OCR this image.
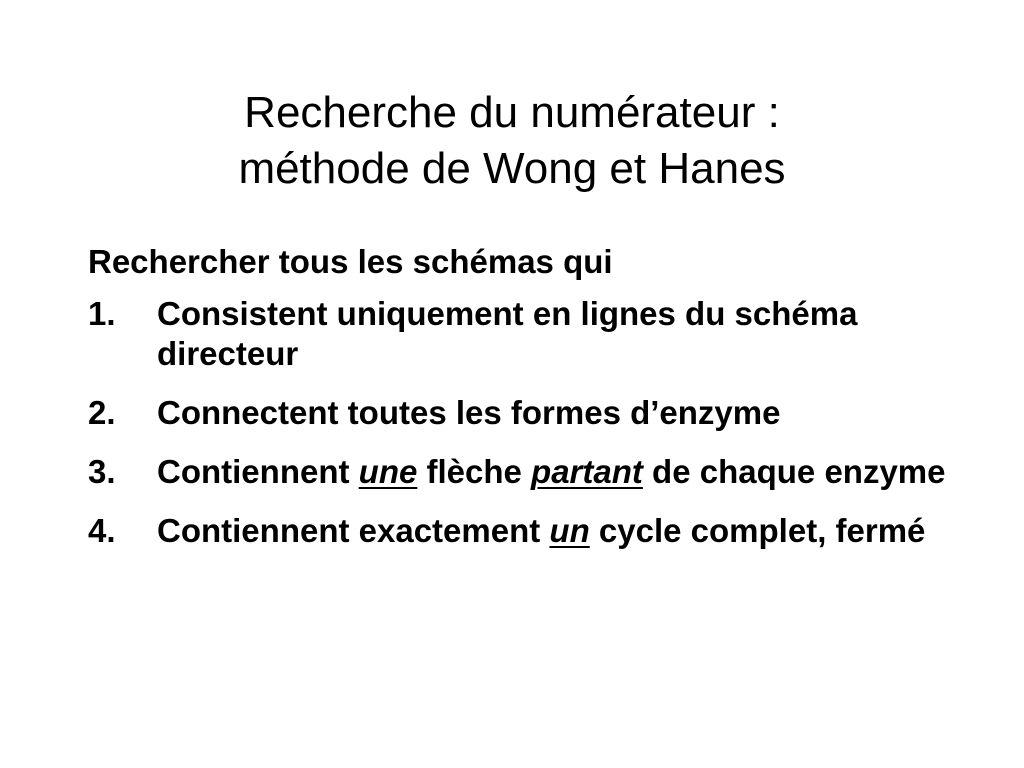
Recherche du numérateur :
méthode de Wong et Hanes
Rechercher tous les schémas qui
1. Consistent uniquement en lignes du schéma directeur
2. Connectent toutes les formes d’enzyme
3. Contiennent une flèche partant de chaque enzyme
4. Contiennent exactement un cycle complet, fermé
